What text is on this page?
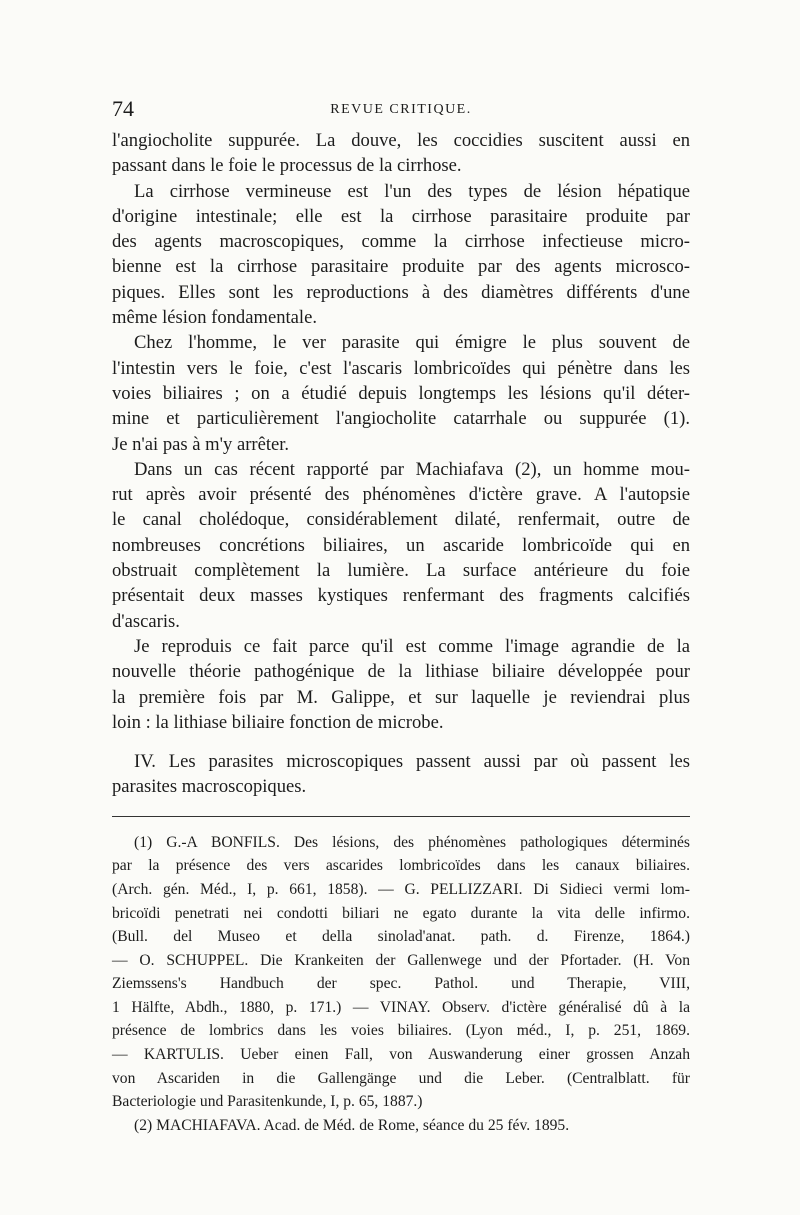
74	REVUE CRITIQUE.
l'angiocholite suppurée. La douve, les coccidies suscitent aussi en
passant dans le foie le processus de la cirrhose.
La cirrhose vermineuse est l'un des types de lésion hépatique
d'origine intestinale; elle est la cirrhose parasitaire produite par
des agents macroscopiques, comme la cirrhose infectieuse micro-
bienne est la cirrhose parasitaire produite par des agents microsco-
piques. Elles sont les reproductions à des diamètres différents d'une
même lésion fondamentale.
Chez l'homme, le ver parasite qui émigre le plus souvent de
l'intestin vers le foie, c'est l'ascaris lombricoïdes qui pénètre dans les
voies biliaires ; on a étudié depuis longtemps les lésions qu'il déter-
mine et particulièrement l'angiocholite catarrhale ou suppurée (1).
Je n'ai pas à m'y arrêter.
Dans un cas récent rapporté par Machiafava (2), un homme mou-
rut après avoir présenté des phénomènes d'ictère grave. A l'autopsie
le canal cholédoque, considérablement dilaté, renfermait, outre de
nombreuses concrétions biliaires, un ascaride lombricoïde qui en
obstruait complètement la lumière. La surface antérieure du foie
présentait deux masses kystiques renfermant des fragments calcifiés
d'ascaris.
Je reproduis ce fait parce qu'il est comme l'image agrandie de la
nouvelle théorie pathogénique de la lithiase biliaire développée pour
la première fois par M. Galippe, et sur laquelle je reviendrai plus
loin : la lithiase biliaire fonction de microbe.
IV. Les parasites microscopiques passent aussi par où passent les
parasites macroscopiques.
(1) G.-A BONFILS. Des lésions, des phénomènes pathologiques déterminés
par la présence des vers ascarides lombricoïdes dans les canaux biliaires.
(Arch. gén. Méd., I, p. 661, 1858). — G. PELLIZZARI. Di Sidieci vermi lom-
bricoïdi penetrati nei condotti biliari ne egato durante la vita delle infirmo.
(Bull. del Museo et della sinolad'anat. path. d. Firenze, 1864.)
— O. SCHUPPEL. Die Krankeiten der Gallenwege und der Pfortader. (H. Von
Ziemssens's Handbuch der spec. Pathol. und Therapie, VIII,
1 Hälfte, Abdh., 1880, p. 171.) — VINAY. Observ. d'ictère généralisé dû à la
présence de lombrics dans les voies biliaires. (Lyon méd., I, p. 251, 1869.
— KARTULIS. Ueber einen Fall, von Auswanderung einer grossen Anzah
von Ascariden in die Gallengänge und die Leber. (Centralblatt. für
Bacteriologie und Parasitenkunde, I, p. 65, 1887.)
(2) MACHIAFAVA. Acad. de Méd. de Rome, séance du 25 fév. 1895.
